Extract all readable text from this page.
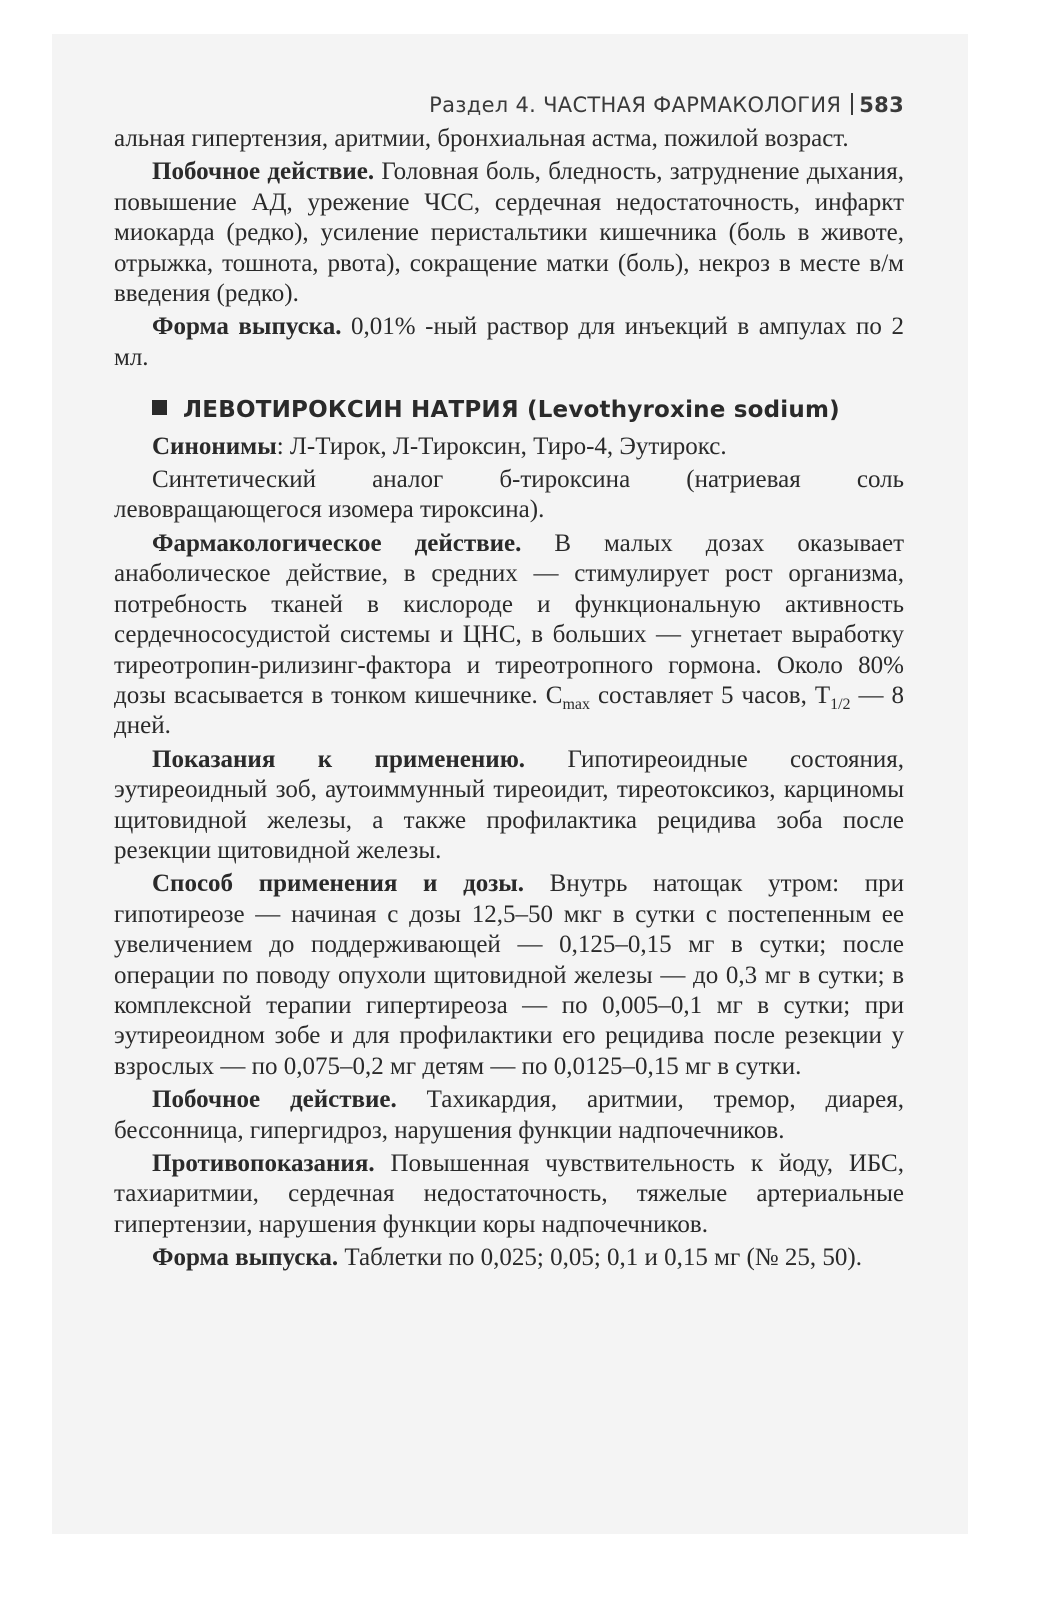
Раздел 4. ЧАСТНАЯ ФАРМАКОЛОГИЯ 583

альная гипертензия, аритмии, бронхиальная астма, пожилой возраст.

Побочное действие. Головная боль, бледность, затруднение дыхания, повышение АД, урежение ЧСС, сердечная недостаточность, инфаркт миокарда (редко), усиление перистальтики кишечника (боль в животе, отрыжка, тошнота, рвота), сокращение матки (боль), некроз в месте в/м введения (редко).

Форма выпуска. 0,01% -ный раствор для инъекций в ампулах по 2 мл.

ЛЕВОТИРОКСИН НАТРИЯ (Levothyroxine sodium)

Синонимы: Л-Тирок, Л-Тироксин, Тиро-4, Эутирокс.

Синтетический аналог б-тироксина (натриевая соль левовращающегося изомера тироксина).

Фармакологическое действие. В малых дозах оказывает анаболическое действие, в средних — стимулирует рост организма, потребность тканей в кислороде и функциональную активность сердечнососудистой системы и ЦНС, в больших — угнетает выработку тиреотропин-рилизинг-фактора и тиреотропного гормона. Около 80% дозы всасывается в тонком кишечнике. $C_{max}$ составляет 5 часов, $T_{1/2}$ — 8 дней.

Показания к применению. Гипотиреоидные состояния, эутиреоидный зоб, аутоиммунный тиреоидит, тиреотоксикоз, карциномы щитовидной железы, а также профилактика рецидива зоба после резекции щитовидной железы.

Способ применения и дозы. Внутрь натощак утром: при гипотиреозе — начиная с дозы 12,5–50 мкг в сутки с постепенным ее увеличением до поддерживающей — 0,125–0,15 мг в сутки; после операции по поводу опухоли щитовидной железы — до 0,3 мг в сутки; в комплексной терапии гипертиреоза — по 0,005–0,1 мг в сутки; при эутиреоидном зобе и для профилактики его рецидива после резекции у взрослых — по 0,075–0,2 мг детям — по 0,0125–0,15 мг в сутки.

Побочное действие. Тахикардия, аритмии, тремор, диарея, бессонница, гипергидроз, нарушения функции надпочечников.

Противопоказания. Повышенная чувствительность к йоду, ИБС, тахиаритмии, сердечная недостаточность, тяжелые артериальные гипертензии, нарушения функции коры надпочечников.

Форма выпуска. Таблетки по 0,025; 0,05; 0,1 и 0,15 мг (№ 25, 50).
